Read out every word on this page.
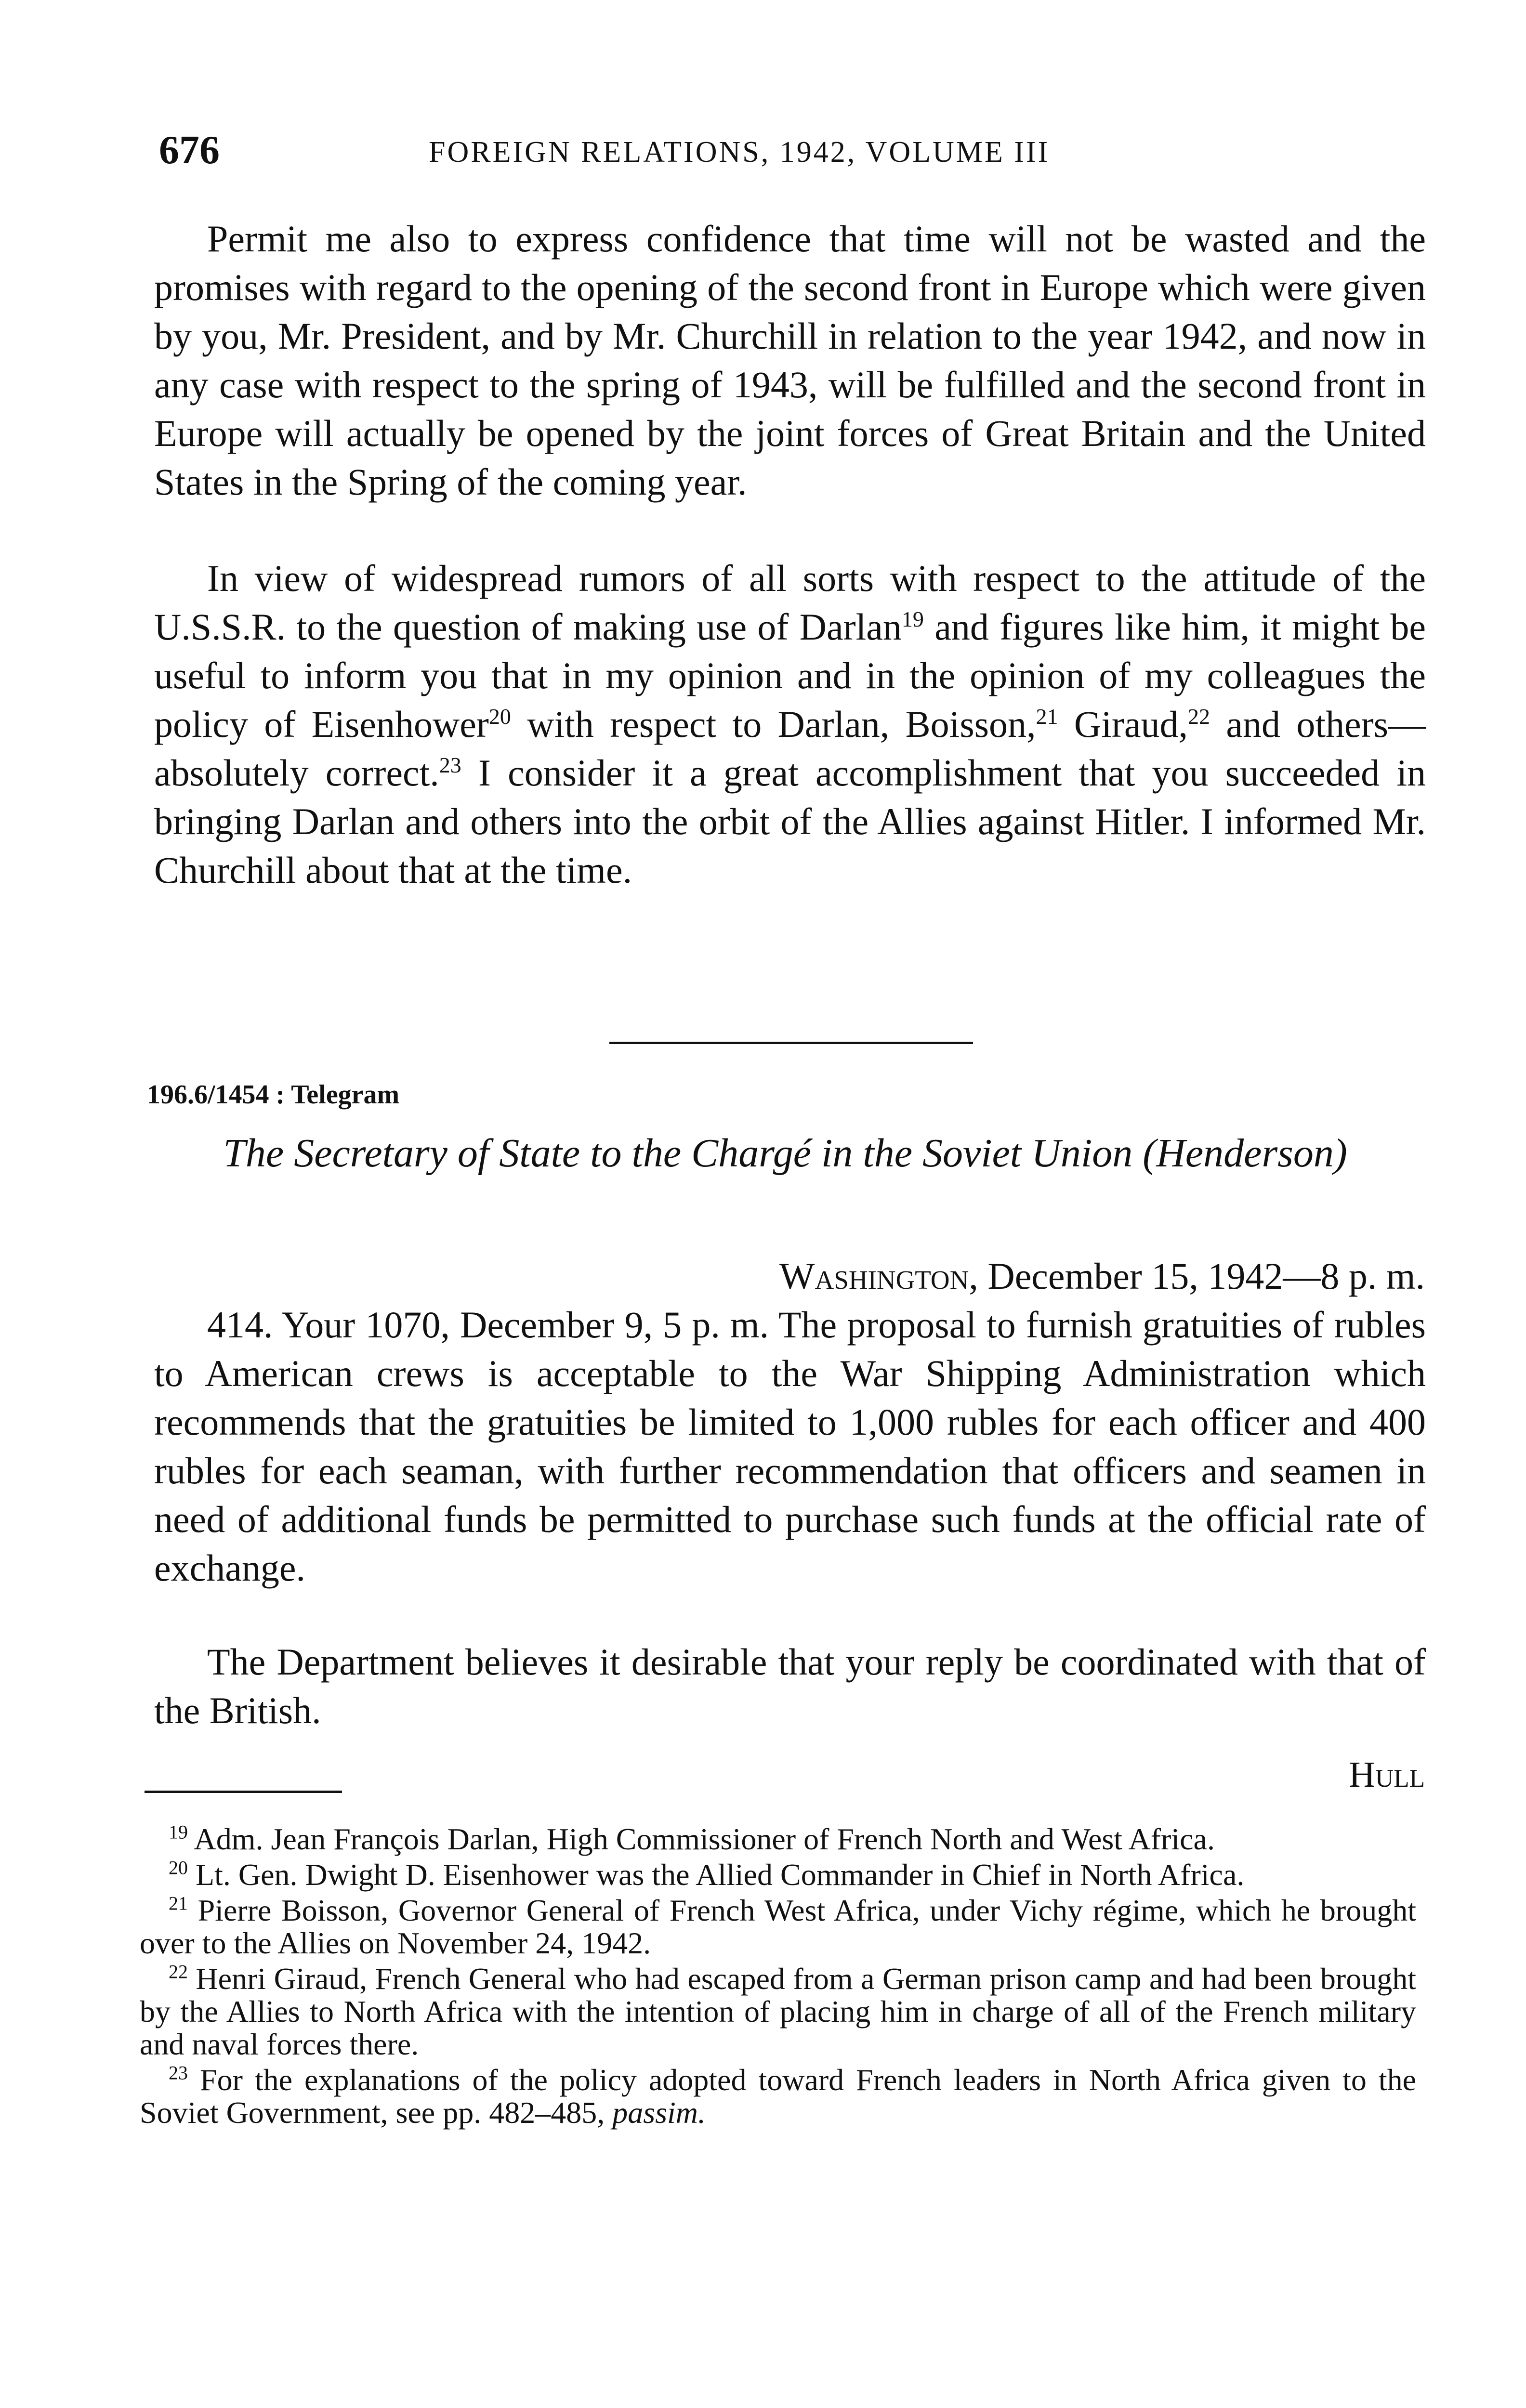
676	FOREIGN RELATIONS, 1942, VOLUME III

Permit me also to express confidence that time will not be wasted and the promises with regard to the opening of the second front in Europe which were given by you, Mr. President, and by Mr. Churchill in relation to the year 1942, and now in any case with respect to the spring of 1943, will be fulfilled and the second front in Europe will actually be opened by the joint forces of Great Britain and the United States in the Spring of the coming year.

In view of widespread rumors of all sorts with respect to the attitude of the U.S.S.R. to the question of making use of Darlan$^{19}$ and figures like him, it might be useful to inform you that in my opinion and in the opinion of my colleagues the policy of Eisenhower$^{20}$ with respect to Darlan, Boisson,$^{21}$ Giraud,$^{22}$ and others—absolutely correct.$^{23}$ I consider it a great accomplishment that you succeeded in bringing Darlan and others into the orbit of the Allies against Hitler. I informed Mr. Churchill about that at the time.

196.6/1454 : Telegram

The Secretary of State to the Chargé in the Soviet Union (Henderson)

Washington, December 15, 1942—8 p. m.

414. Your 1070, December 9, 5 p. m. The proposal to furnish gratuities of rubles to American crews is acceptable to the War Shipping Administration which recommends that the gratuities be limited to 1,000 rubles for each officer and 400 rubles for each seaman, with further recommendation that officers and seamen in need of additional funds be permitted to purchase such funds at the official rate of exchange.

The Department believes it desirable that your reply be coordinated with that of the British.

Hull

$^{19}$ Adm. Jean François Darlan, High Commissioner of French North and West Africa.

$^{20}$ Lt. Gen. Dwight D. Eisenhower was the Allied Commander in Chief in North Africa.

$^{21}$ Pierre Boisson, Governor General of French West Africa, under Vichy régime, which he brought over to the Allies on November 24, 1942.

$^{22}$ Henri Giraud, French General who had escaped from a German prison camp and had been brought by the Allies to North Africa with the intention of placing him in charge of all of the French military and naval forces there.

$^{23}$ For the explanations of the policy adopted toward French leaders in North Africa given to the Soviet Government, see pp. 482–485, passim.
